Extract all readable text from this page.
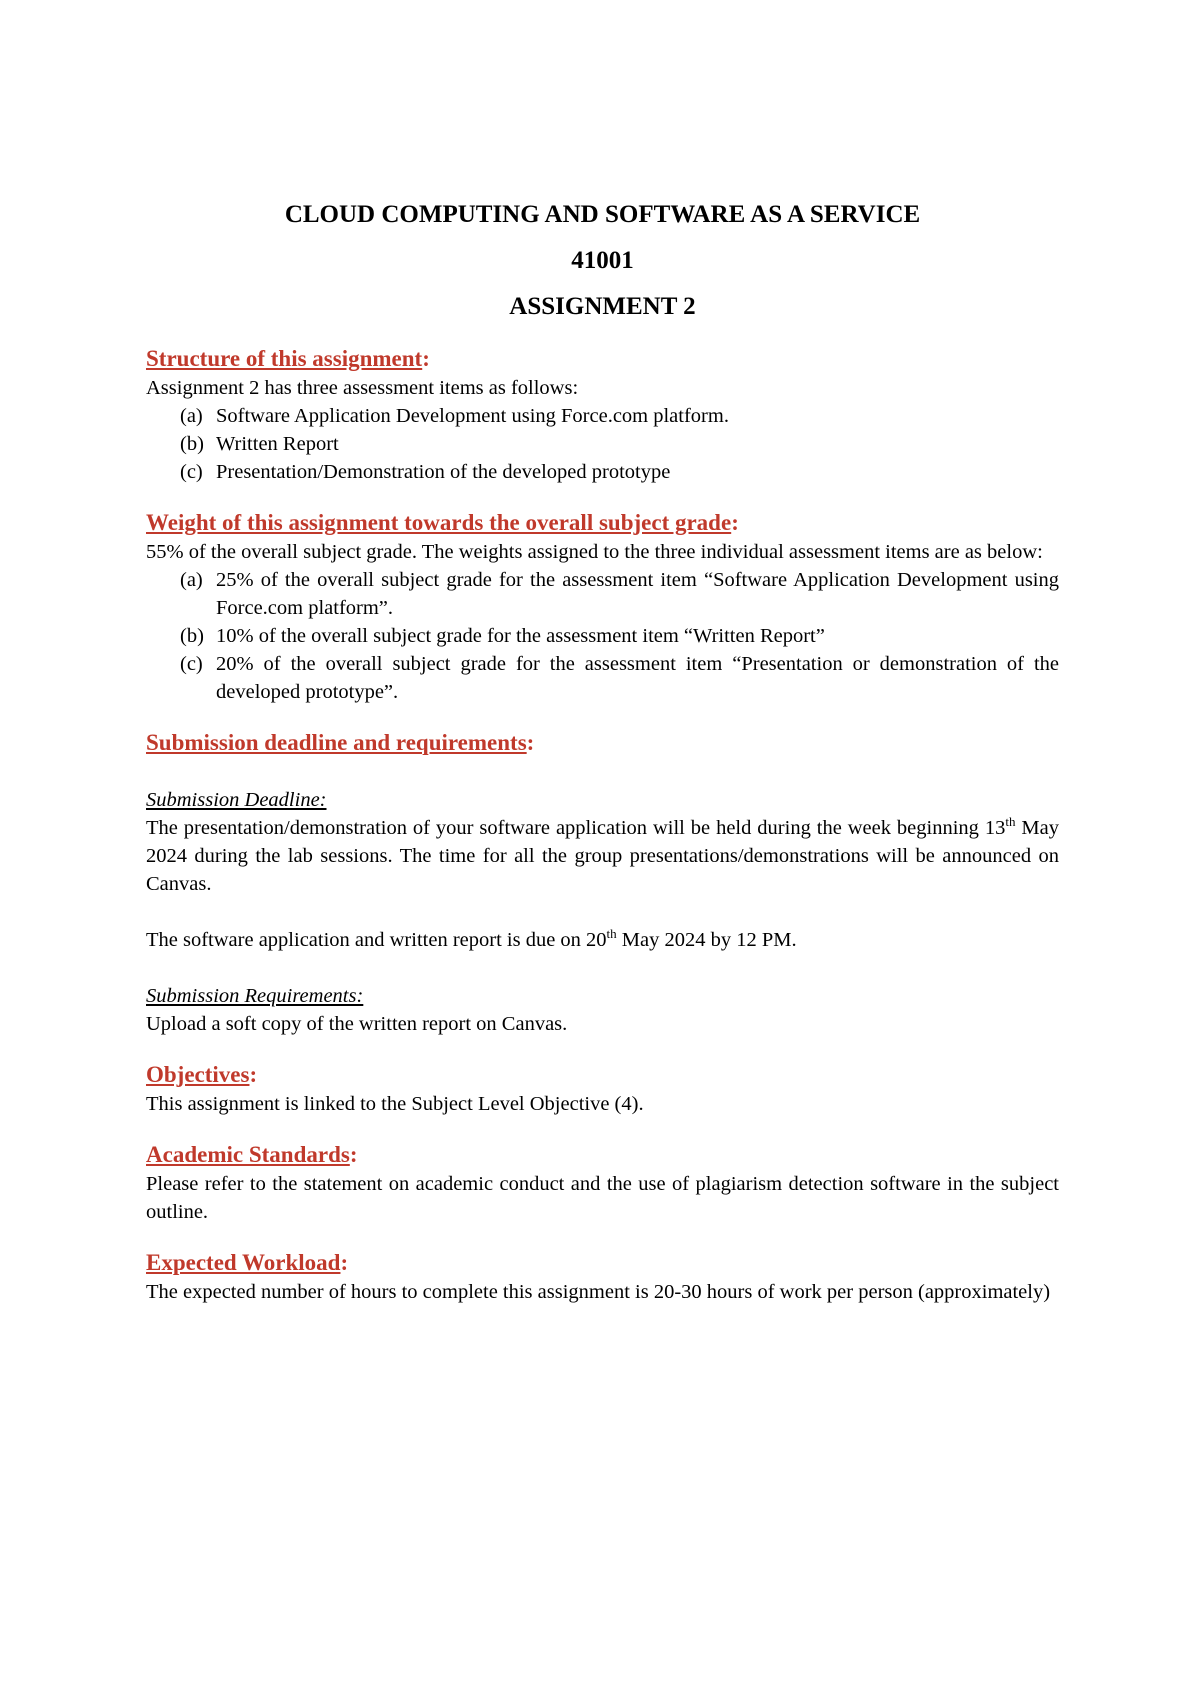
CLOUD COMPUTING AND SOFTWARE AS A SERVICE

41001

ASSIGNMENT 2

Structure of this assignment:

Assignment 2 has three assessment items as follows:

(a) Software Application Development using Force.com platform.
(b) Written Report
(c) Presentation/Demonstration of the developed prototype

Weight of this assignment towards the overall subject grade:

55% of the overall subject grade. The weights assigned to the three individual assessment items are as below:

(a) 25% of the overall subject grade for the assessment item “Software Application Development using Force.com platform”.
(b) 10% of the overall subject grade for the assessment item “Written Report”
(c) 20% of the overall subject grade for the assessment item “Presentation or demonstration of the developed prototype”.

Submission deadline and requirements:

Submission Deadline:

The presentation/demonstration of your software application will be held during the week beginning 13th May 2024 during the lab sessions. The time for all the group presentations/demonstrations will be announced on Canvas.

The software application and written report is due on 20th May 2024 by 12 PM.

Submission Requirements:

Upload a soft copy of the written report on Canvas.

Objectives:

This assignment is linked to the Subject Level Objective (4).

Academic Standards:

Please refer to the statement on academic conduct and the use of plagiarism detection software in the subject outline.

Expected Workload:

The expected number of hours to complete this assignment is 20-30 hours of work per person (approximately)
